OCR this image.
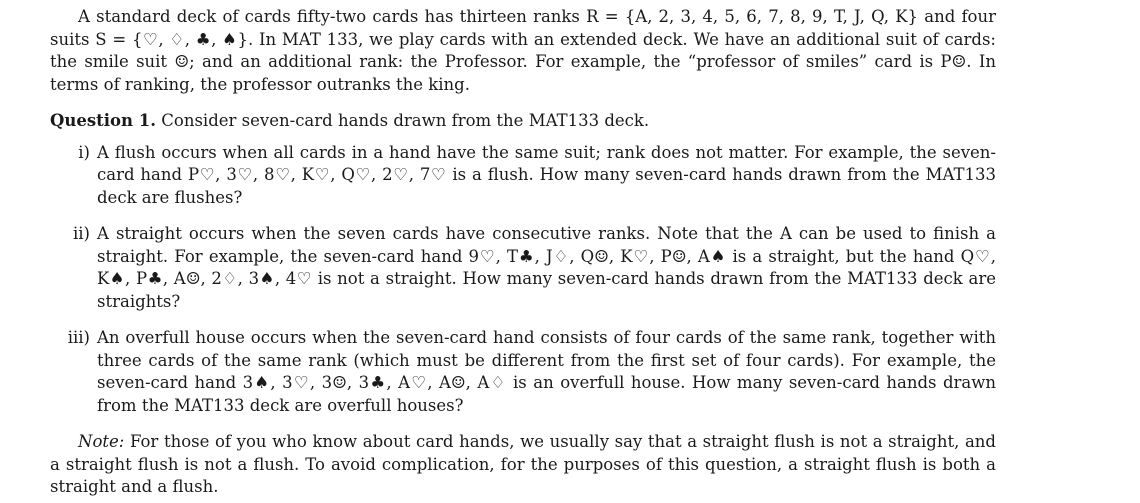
A standard deck of cards fifty-two cards has thirteen ranks R = {A, 2, 3, 4, 5, 6, 7, 8, 9, T, J, Q, K} and four suits S = {♡, ♢, ♣, ♠}. In MAT 133, we play cards with an extended deck. We have an additional suit of cards: the smile suit ☺; and an additional rank: the Professor. For example, the “professor of smiles” card is P☺. In terms of ranking, the professor outranks the king.

Question 1. Consider seven-card hands drawn from the MAT133 deck.

i) A flush occurs when all cards in a hand have the same suit; rank does not matter. For example, the seven-card hand P♡, 3♡, 8♡, K♡, Q♡, 2♡, 7♡ is a flush. How many seven-card hands drawn from the MAT133 deck are flushes?
ii) A straight occurs when the seven cards have consecutive ranks. Note that the A can be used to finish a straight. For example, the seven-card hand 9♡, T♣, J♢, Q☺, K♡, P☺, A♠ is a straight, but the hand Q♡, K♠, P♣, A☺, 2♢, 3♠, 4♡ is not a straight. How many seven-card hands drawn from the MAT133 deck are straights?
iii) An overfull house occurs when the seven-card hand consists of four cards of the same rank, together with three cards of the same rank (which must be different from the first set of four cards). For example, the seven-card hand 3♠, 3♡, 3☺, 3♣, A♡, A☺, A♢ is an overfull house. How many seven-card hands drawn from the MAT133 deck are overfull houses?

Note: For those of you who know about card hands, we usually say that a straight flush is not a straight, and a straight flush is not a flush. To avoid complication, for the purposes of this question, a straight flush is both a straight and a flush.
